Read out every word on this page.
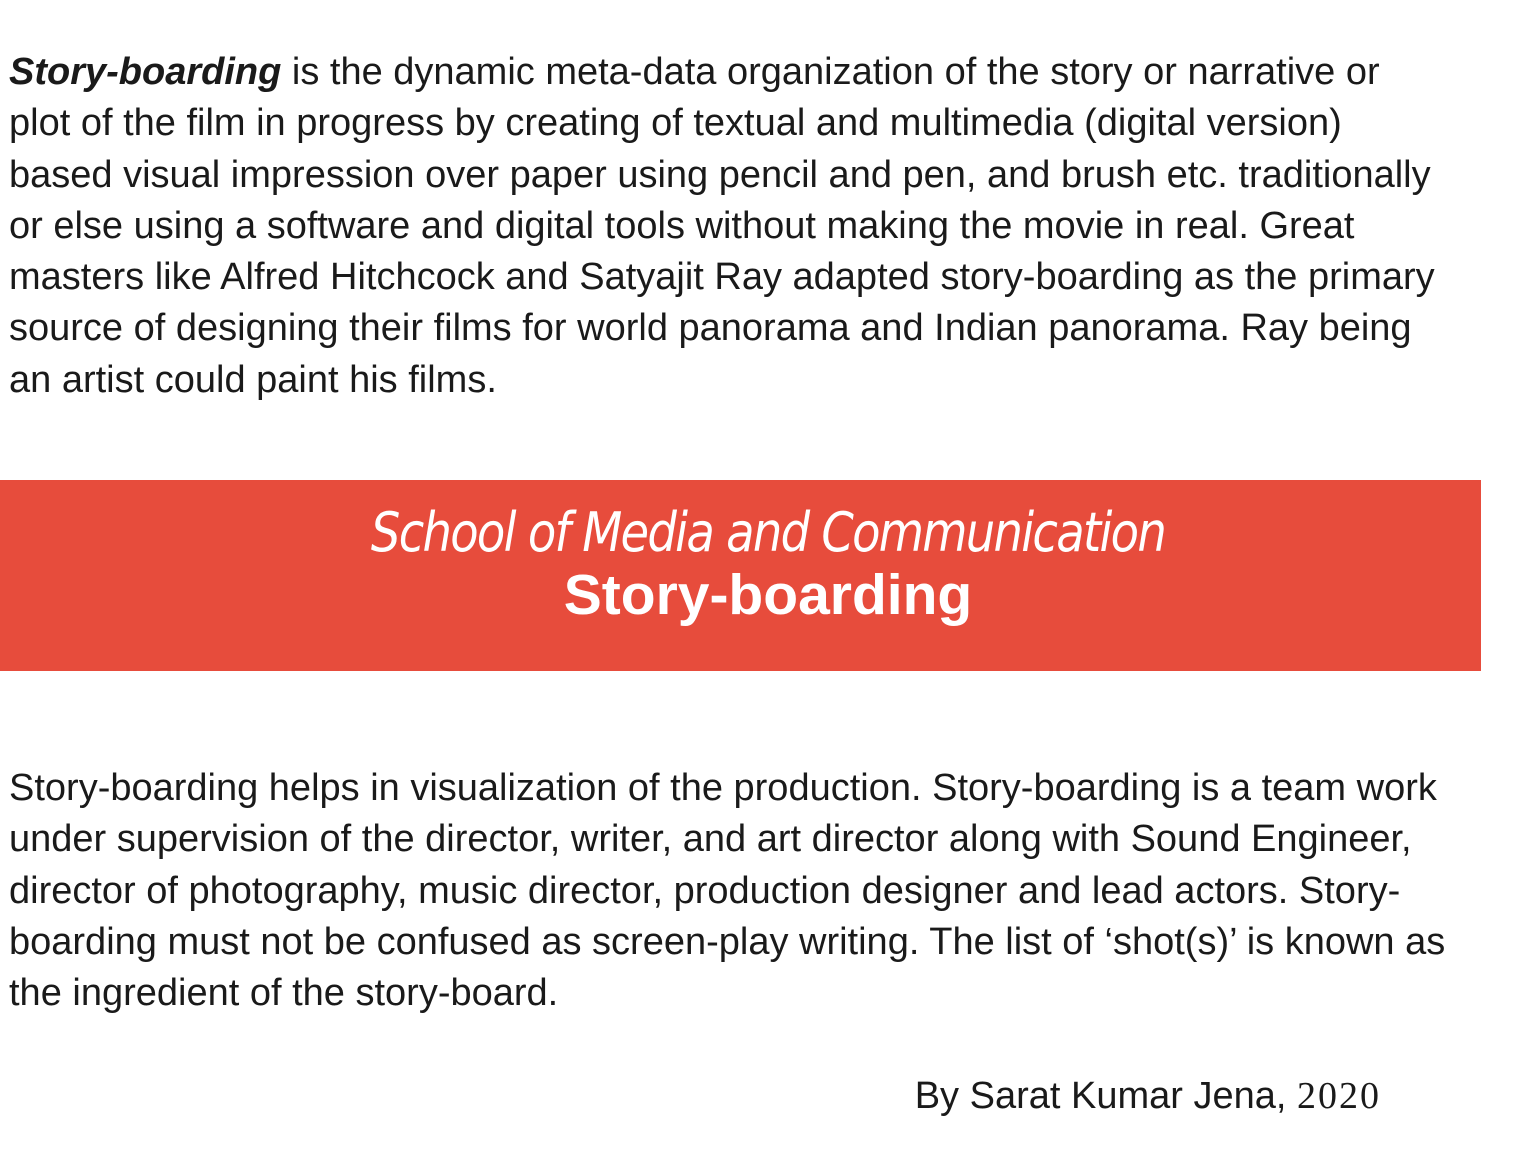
Story-boarding is the dynamic meta-data organization of the story or narrative or plot of the film in progress by creating of textual and multimedia (digital version) based visual impression over paper using pencil and pen, and brush etc. traditionally or else using a software and digital tools without making the movie in real. Great masters like Alfred Hitchcock and Satyajit Ray adapted story-boarding as the primary source of designing their films for world panorama and Indian panorama. Ray being an artist could paint his films.

School of Media and Communication
Story-boarding

Story-boarding helps in visualization of the production. Story-boarding is a team work under supervision of the director, writer, and art director along with Sound Engineer, director of photography, music director, production designer and lead actors. Story-boarding must not be confused as screen-play writing. The list of ‘shot(s)’ is known as the ingredient of the story-board.

By Sarat Kumar Jena, 2020
